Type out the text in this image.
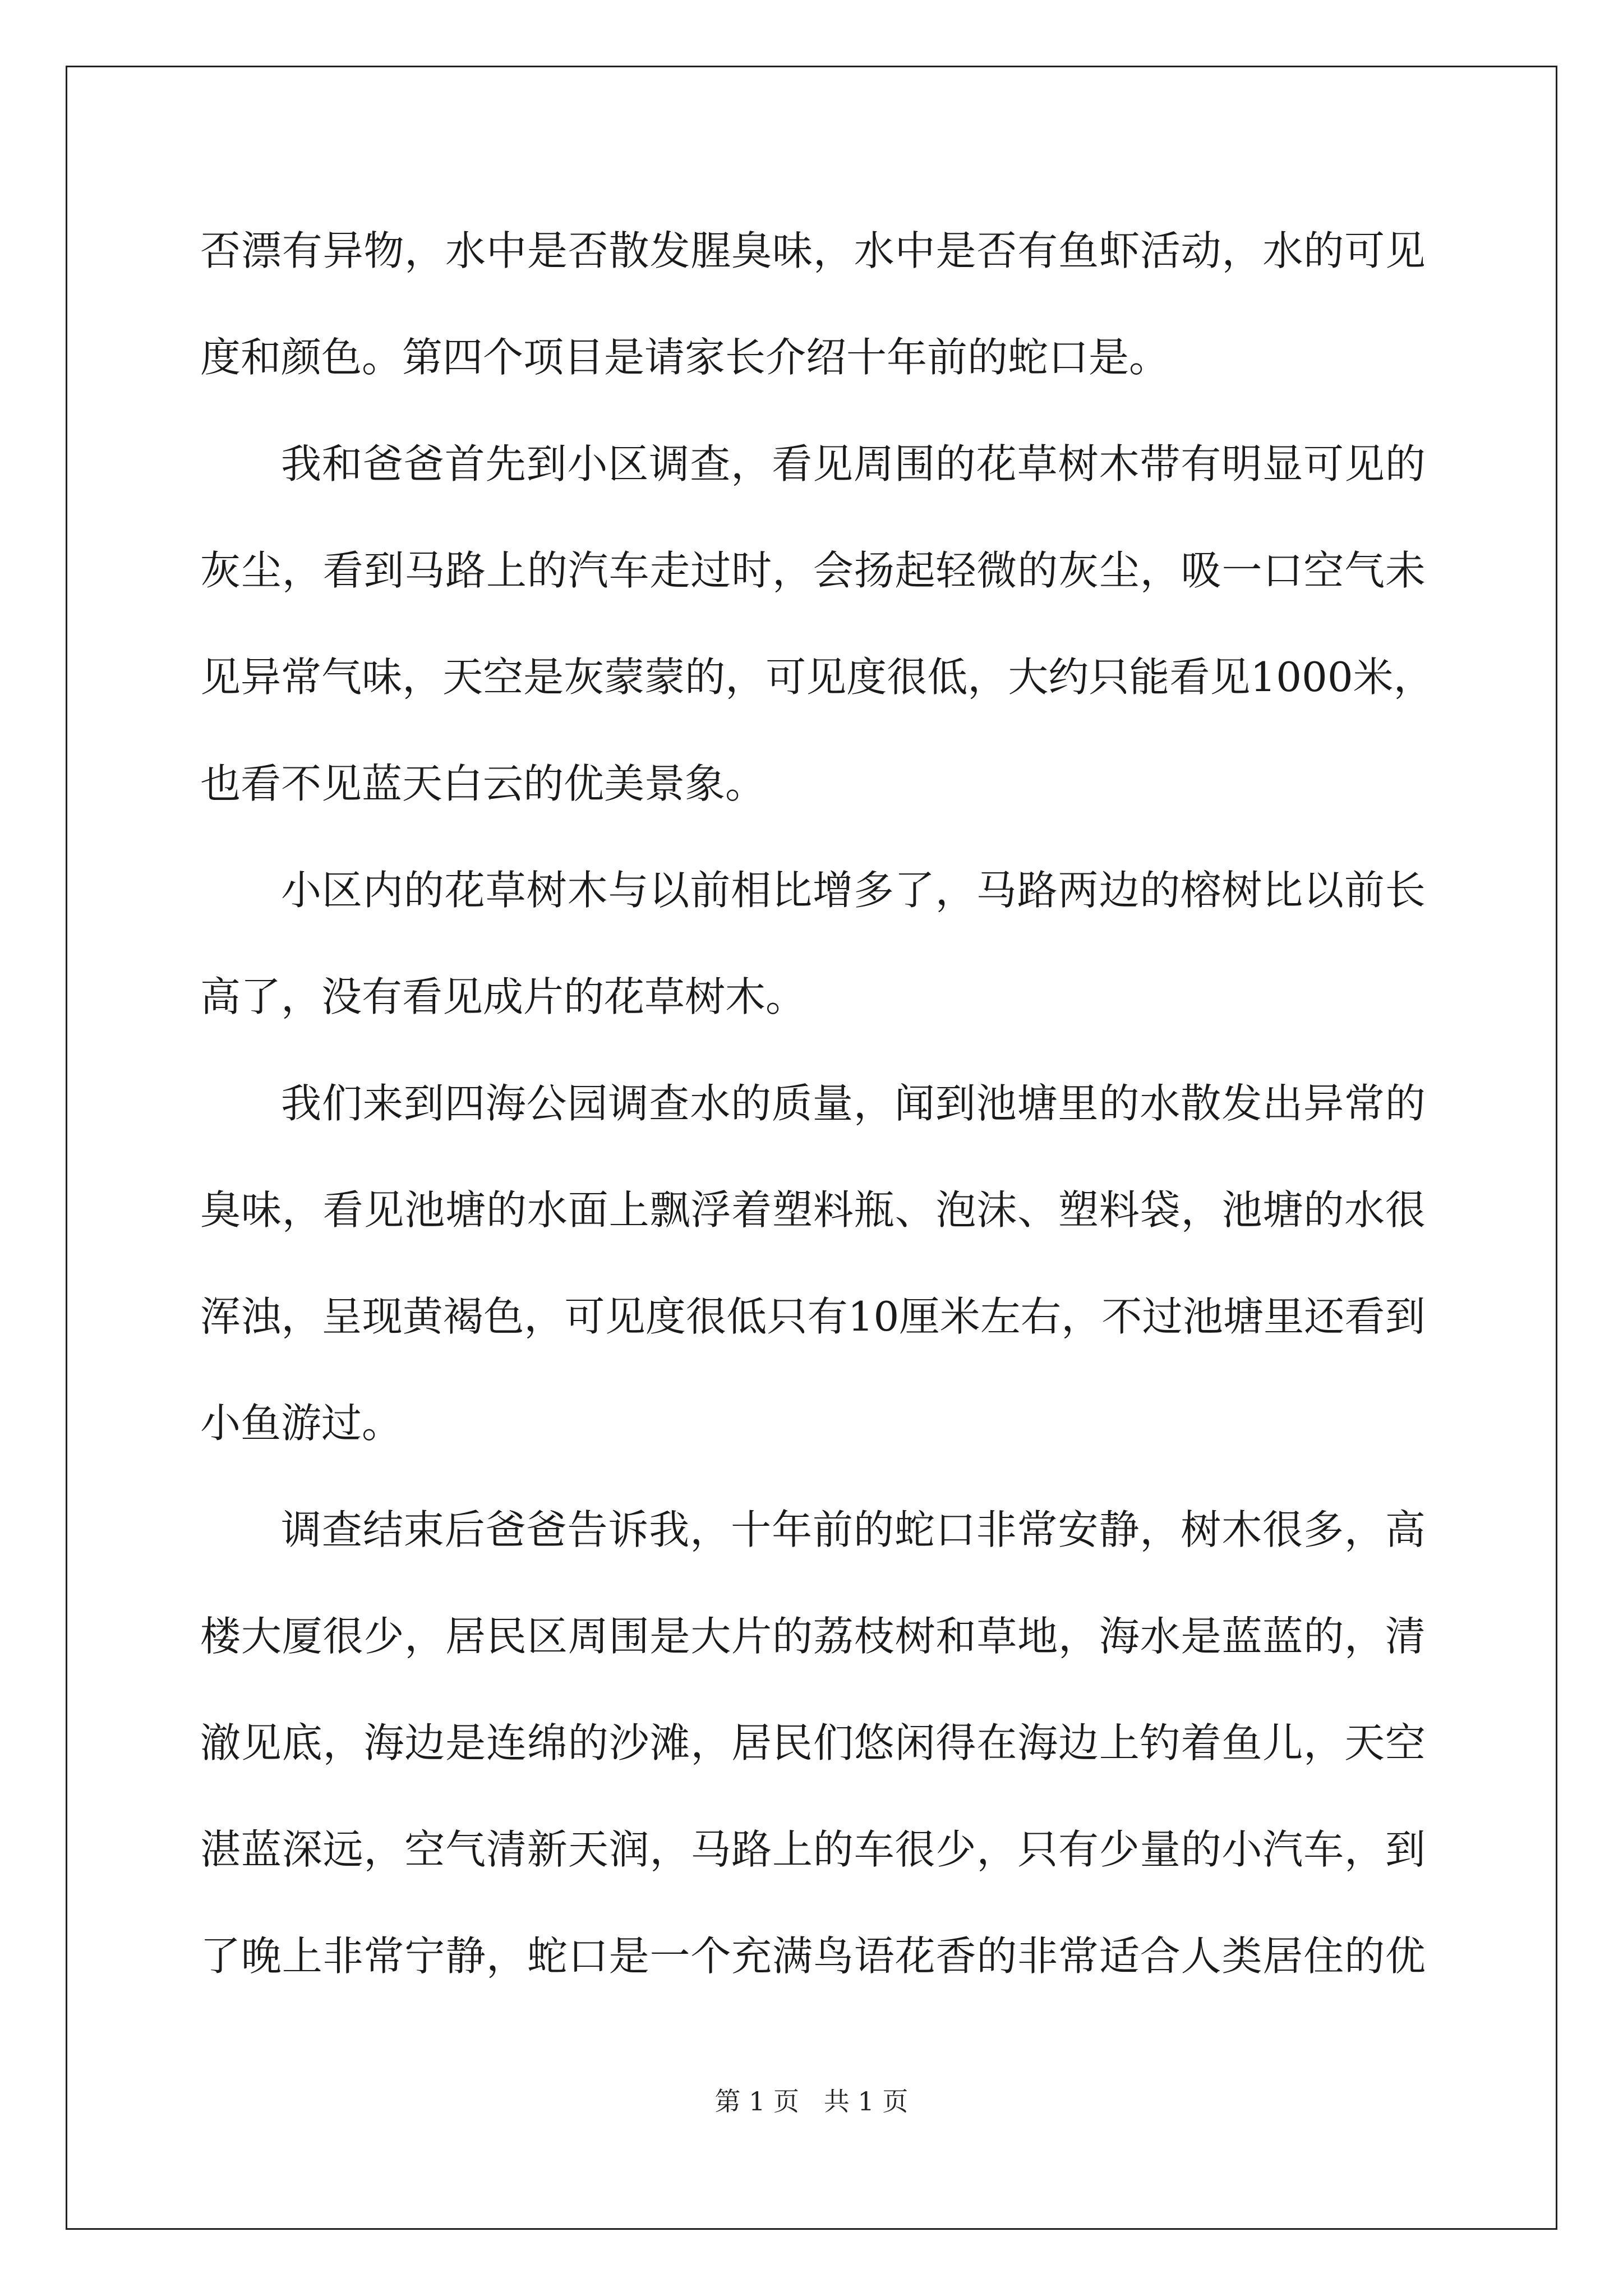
否 漂 有 异 物 ， 水 中 是 否 散 发 腥 臭 味 ， 水 中 是 否 有 鱼 虾 活 动 ， 水 的 可 见
度和颜色。第四个项目是请家长介绍十年前的蛇口是。
我 和 爸 爸 首 先 到 小 区 调 查 ， 看 见 周 围 的 花 草 树 木 带 有 明 显 可 见 的
灰 尘 ， 看 到 马 路 上 的 汽 车 走 过 时 ， 会 扬 起 轻 微 的 灰 尘 ， 吸 一 口 空 气 未
见 异 常 气 味 ， 天 空 是 灰 蒙 蒙 的 ， 可 见 度 很 低 ， 大 约 只 能 看 见 1000 米 ，
也看不见蓝天白云的优美景象。
小 区 内 的 花 草 树 木 与 以 前 相 比 增 多 了 ， 马 路 两 边 的 榕 树 比 以 前 长
高了，没有看见成片的花草树木。
我 们 来 到 四 海 公 园 调 查 水 的 质 量 ， 闻 到 池 塘 里 的 水 散 发 出 异 常 的
臭 味 ， 看 见 池 塘 的 水 面 上 飘 浮 着 塑 料 瓶 、 泡 沫 、 塑 料 袋 ， 池 塘 的 水 很
浑 浊 ， 呈 现 黄 褐 色 ， 可 见 度 很 低 只 有 10 厘 米 左 右 ， 不 过 池 塘 里 还 看 到
小鱼游过。
调 查 结 束 后 爸 爸 告 诉 我 ， 十 年 前 的 蛇 口 非 常 安 静 ， 树 木 很 多 ， 高
楼 大 厦 很 少 ， 居 民 区 周 围 是 大 片 的 荔 枝 树 和 草 地 ， 海 水 是 蓝 蓝 的 ， 清
澈 见 底 ， 海 边 是 连 绵 的 沙 滩 ， 居 民 们 悠 闲 得 在 海 边 上 钓 着 鱼 儿 ， 天 空
湛 蓝 深 远 ， 空 气 清 新 天 润 ， 马 路 上 的 车 很 少 ， 只 有 少 量 的 小 汽 车 ， 到
了 晚 上 非 常 宁 静 ， 蛇 口 是 一 个 充 满 鸟 语 花 香 的 非 常 适 合 人 类 居 住 的 优
第 1 页   共 1 页
